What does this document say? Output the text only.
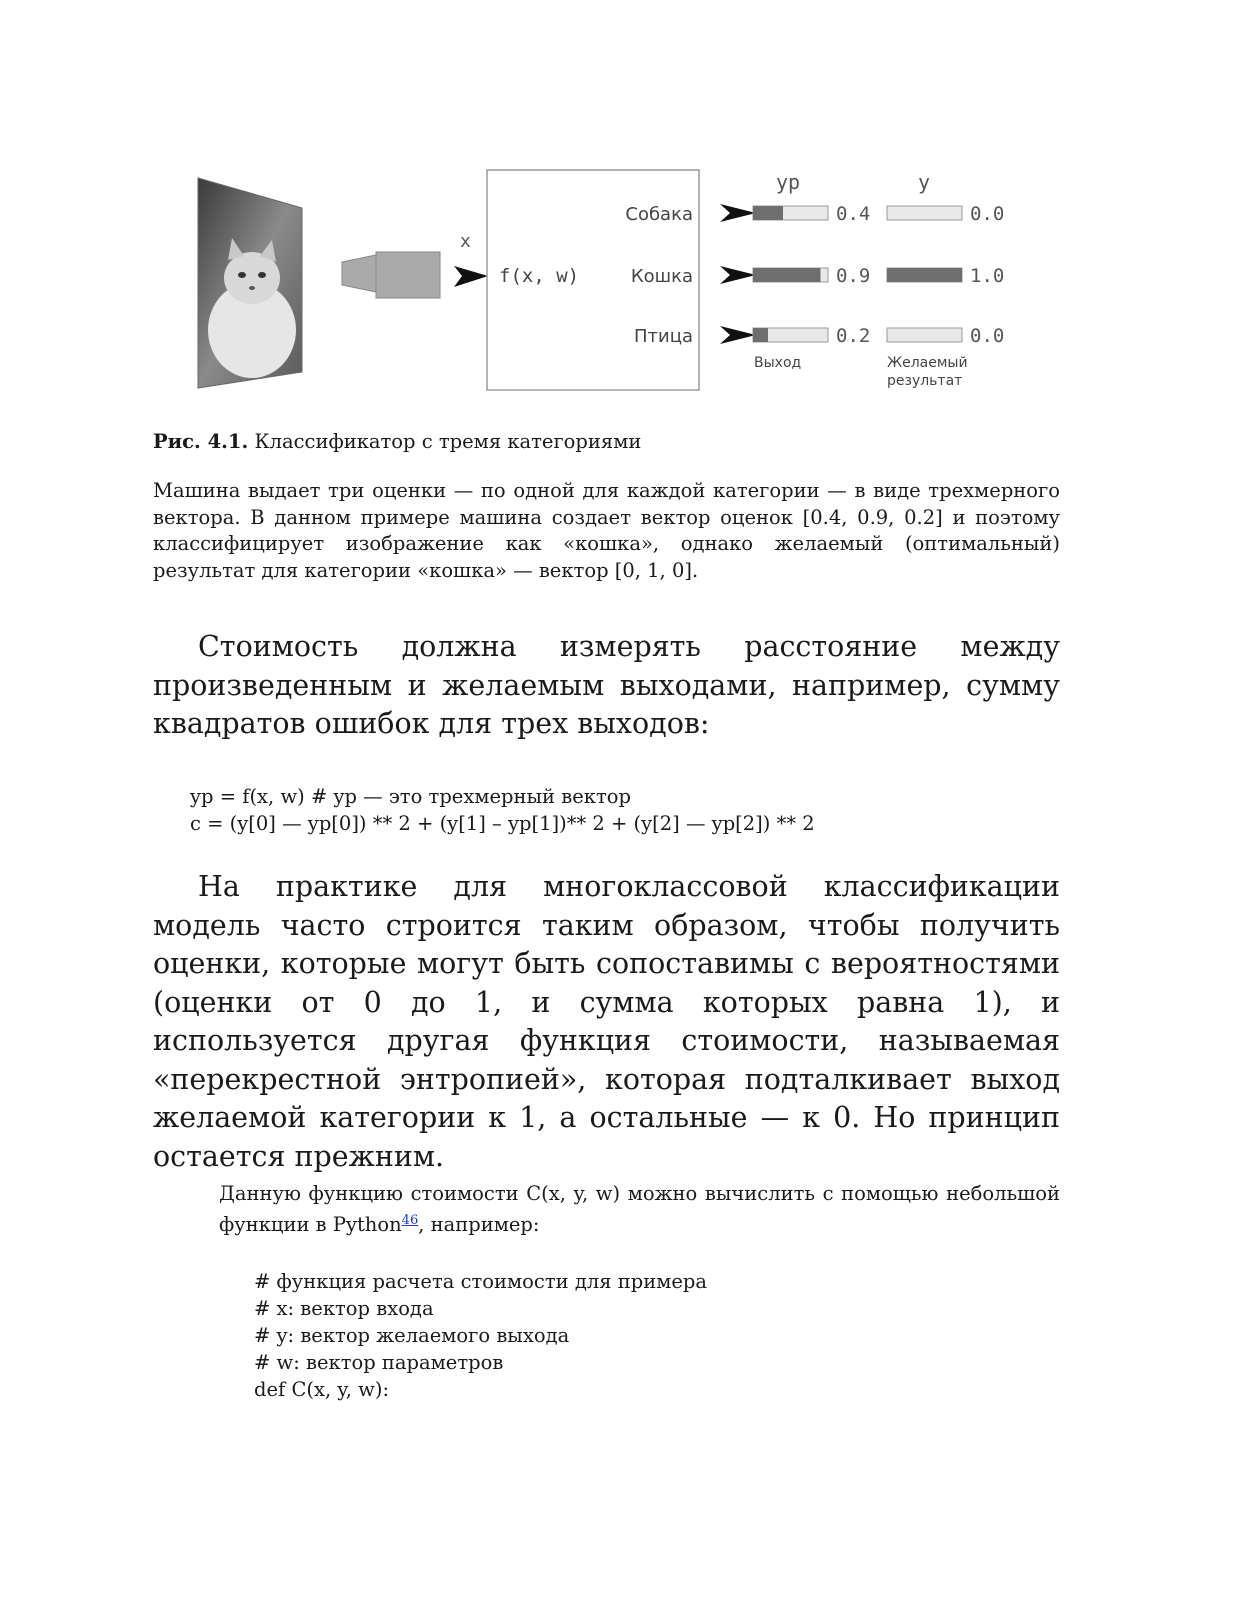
x
f(x, w)
yp	y
Собака	0.4	0.0
Кошка	0.9	1.0
Птица	0.2	0.0
Выход	Желаемый
результат
Рис. 4.1. Классификатор с тремя категориями
Машина выдает три оценки — по одной для каждой категории — в виде трехмерного вектора. В данном примере машина создает вектор оценок [0.4, 0.9, 0.2] и поэтому классифицирует изображение как «кошка», однако желаемый (оптимальный) результат для категории «кошка» — вектор [0, 1, 0].
Стоимость должна измерять расстояние между произведенным и желаемым выходами, например, сумму квадратов ошибок для трех выходов:
yp = f(x, w) # yp — это трехмерный вектор
c = (y[0] — yp[0]) ** 2 + (y[1] – yp[1])** 2 + (y[2] — yp[2]) ** 2
На практике для многоклассовой классификации модель часто строится таким образом, чтобы получить оценки, которые могут быть сопоставимы с вероятностями (оценки от 0 до 1, и сумма которых равна 1), и используется другая функция стоимости, называемая «перекрестной энтропией», которая подталкивает выход желаемой категории к 1, а остальные — к 0. Но принцип остается прежним.
Данную функцию стоимости C(x, y, w) можно вычислить с помощью небольшой функции в Python$^{46}$, например:
# функция расчета стоимости для примера
# x: вектор входа
# y: вектор желаемого выхода
# w: вектор параметров
def C(x, y, w):
